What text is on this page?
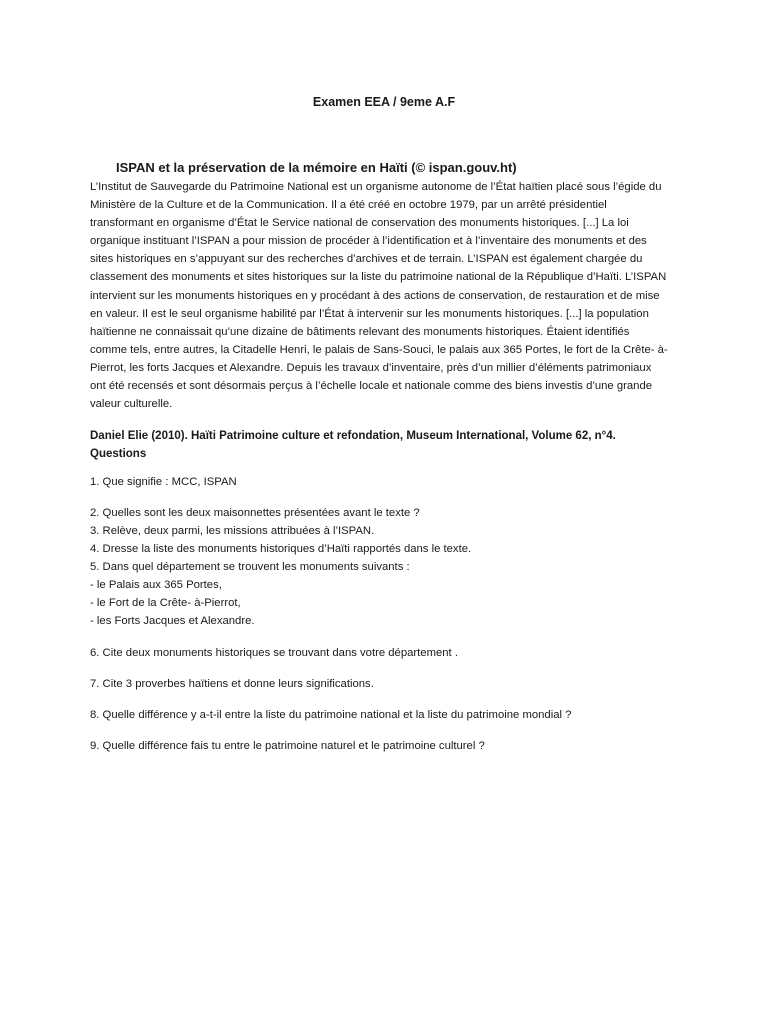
Examen EEA / 9eme A.F
ISPAN et la préservation de la mémoire en Haïti (© ispan.gouv.ht)
L’Institut de Sauvegarde du Patrimoine National est un organisme autonome de l’État haïtien placé sous l’égide du
Ministère de la Culture et de la Communication. Il a été créé en octobre 1979, par un arrêté présidentiel
transformant en organisme d’État le Service national de conservation des monuments historiques. [...] La loi
organique instituant l’ISPAN a pour mission de procéder à l’identification et à l’inventaire des monuments et des
sites historiques en s’appuyant sur des recherches d’archives et de terrain. L’ISPAN est également chargée du
classement des monuments et sites historiques sur la liste du patrimoine national de la République d’Haïti. L’ISPAN
intervient sur les monuments historiques en y procédant à des actions de conservation, de restauration et de mise
en valeur. Il est le seul organisme habilité par l’État à intervenir sur les monuments historiques. [...] la population
haïtienne ne connaissait qu’une dizaine de bâtiments relevant des monuments historiques. Étaient identifiés
comme tels, entre autres, la Citadelle Henri, le palais de Sans-Souci, le palais aux 365 Portes, le fort de la Crête- à-
Pierrot, les forts Jacques et Alexandre. Depuis les travaux d’inventaire, près d’un millier d’éléments patrimoniaux
ont été recensés et sont désormais perçus à l’échelle locale et nationale comme des biens investis d’une grande
valeur culturelle.
Daniel Elie (2010). Haïti Patrimoine culture et refondation, Museum International, Volume 62, n°4.
Questions
1. Que signifie : MCC, ISPAN
2. Quelles sont les deux maisonnettes présentées avant le texte ?
3. Relève, deux parmi, les missions attribuées à l’ISPAN.
4. Dresse la liste des monuments historiques d’Haïti rapportés dans le texte.
5. Dans quel département se trouvent les monuments suivants :
- le Palais aux 365 Portes,
- le Fort de la Crête- à-Pierrot,
- les Forts Jacques et Alexandre.
6. Cite deux monuments historiques se trouvant dans votre département .
7. Cite 3 proverbes haïtiens et donne leurs significations.
8. Quelle différence y a-t-il entre la liste du patrimoine national et la liste du patrimoine mondial ?
9. Quelle différence fais tu entre le patrimoine naturel et le patrimoine culturel ?
